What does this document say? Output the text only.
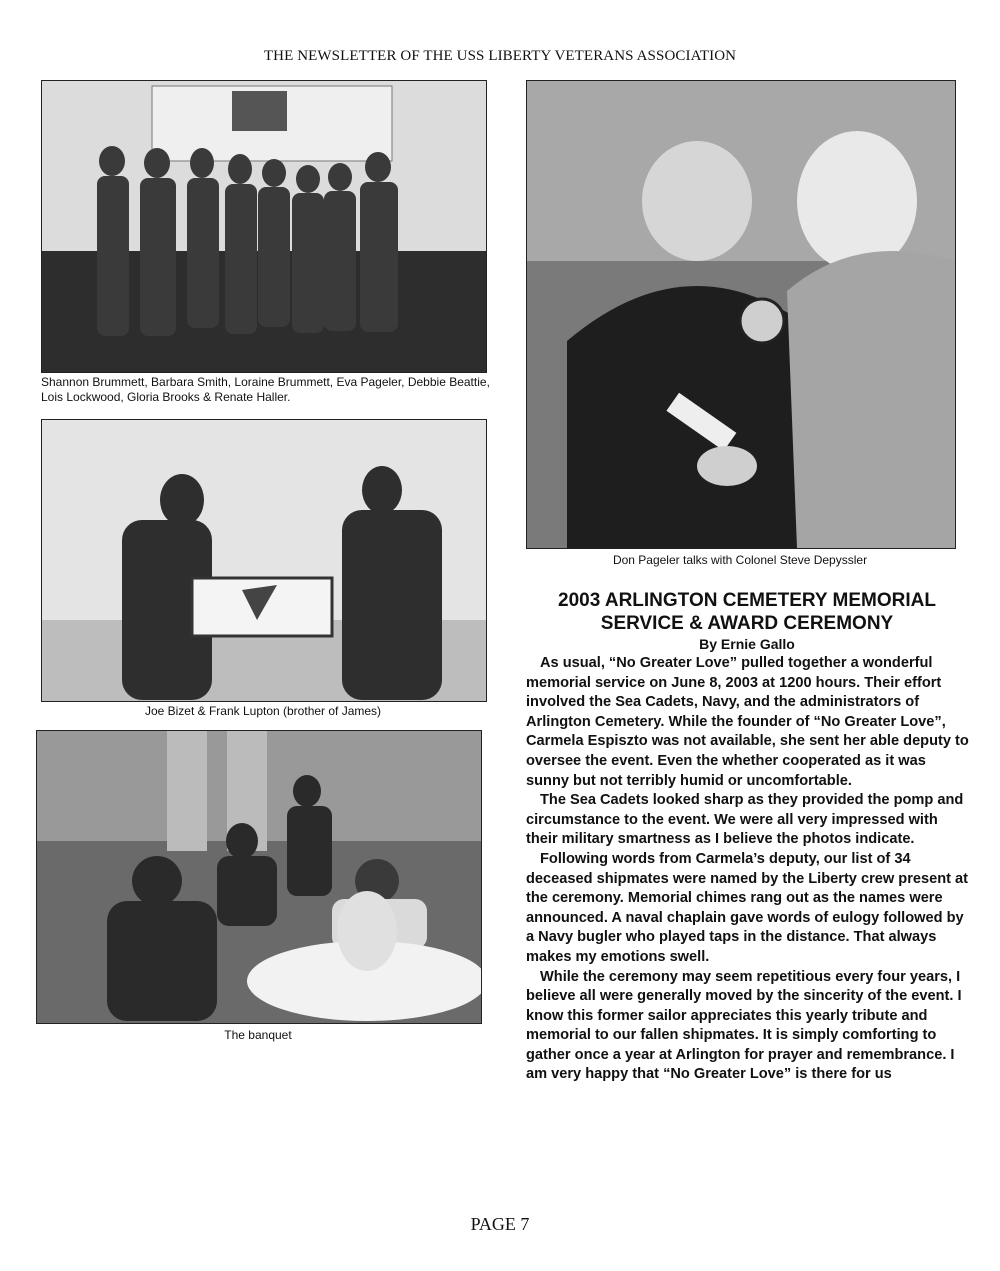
THE NEWSLETTER OF THE USS LIBERTY VETERANS ASSOCIATION
Shannon Brummett, Barbara Smith, Loraine Brummett, Eva Pageler, Debbie Beattie, Lois Lockwood, Gloria Brooks & Renate Haller.
Joe Bizet & Frank Lupton (brother of James)
The banquet
Don Pageler talks with Colonel Steve Depyssler
2003 ARLINGTON CEMETERY MEMORIAL
SERVICE & AWARD CEREMONY
By Ernie Gallo

As usual, “No Greater Love” pulled together a wonderful memorial service on June 8, 2003 at 1200 hours. Their effort involved the Sea Cadets, Navy, and the administrators of Arlington Cemetery. While the founder of “No Greater Love”, Carmela Espiszto was not available, she sent her able deputy to oversee the event. Even the whether cooperated as it was sunny but not terribly humid or uncomfortable.

The Sea Cadets looked sharp as they provided the pomp and circumstance to the event. We were all very impressed with their military smartness as I believe the photos indicate.

Following words from Carmela’s deputy, our list of 34 deceased shipmates were named by the Liberty crew present at the ceremony. Memorial chimes rang out as the names were announced. A naval chaplain gave words of eulogy followed by a Navy bugler who played taps in the distance. That always makes my emotions swell.

While the ceremony may seem repetitious every four years, I believe all were generally moved by the sincerity of the event. I know this former sailor appreciates this yearly tribute and memorial to our fallen shipmates. It is simply comforting to gather once a year at Arlington for prayer and remembrance. I am very happy that “No Greater Love” is there for us

PAGE 7
